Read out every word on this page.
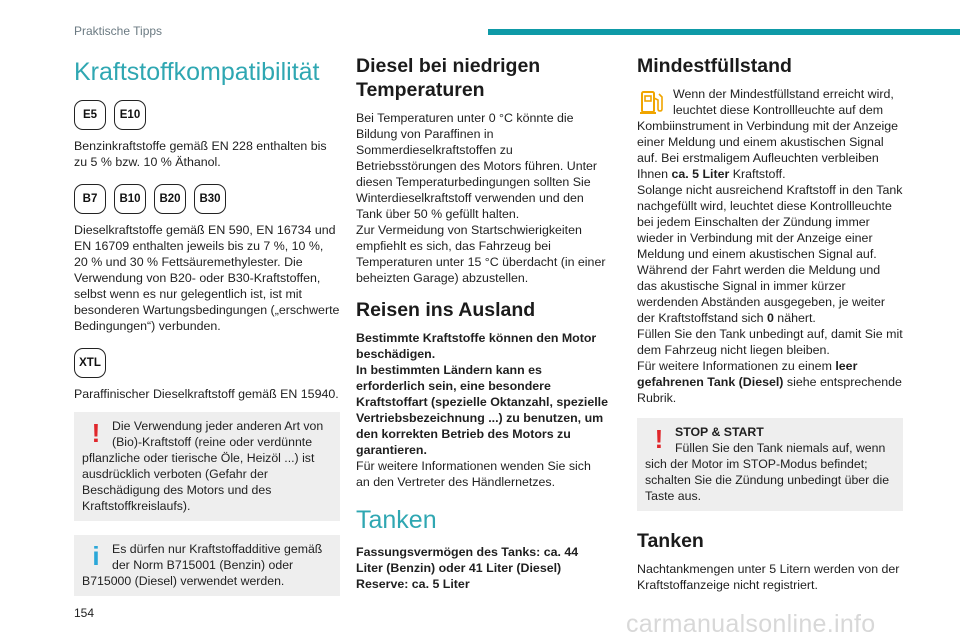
Praktische Tipps
Kraftstoffkompatibilität
E5	E10

Benzinkraftstoffe gemäß EN 228 enthalten bis zu 5 % bzw. 10 % Äthanol.

B7	B10	B20	B30

Dieselkraftstoffe gemäß EN 590, EN 16734 und EN 16709 enthalten jeweils bis zu 7 %, 10 %, 20 % und 30 % Fettsäuremethylester. Die Verwendung von B20- oder B30-Kraftstoffen, selbst wenn es nur gelegentlich ist, ist mit besonderen Wartungsbedingungen („erschwerte Bedingungen“) verbunden.

XTL

Paraffinischer Dieselkraftstoff gemäß EN 15940.

! Die Verwendung jeder anderen Art von (Bio)-Kraftstoff (reine oder verdünnte pflanzliche oder tierische Öle, Heizöl ...) ist ausdrücklich verboten (Gefahr der Beschädigung des Motors und des Kraftstoffkreislaufs).

i	Es dürfen nur Kraftstoffadditive gemäß der Norm B715001 (Benzin) oder B715000 (Diesel) verwendet werden.

Diesel bei niedrigen Temperaturen

Bei Temperaturen unter 0 °C könnte die Bildung von Paraffinen in Sommerdieselkraftstoffen zu Betriebsstörungen des Motors führen. Unter diesen Temperaturbedingungen sollten Sie Winterdieselkraftstoff verwenden und den Tank über 50 % gefüllt halten.

Zur Vermeidung von Startschwierigkeiten empfiehlt es sich, das Fahrzeug bei Temperaturen unter 15 °C überdacht (in einer beheizten Garage) abzustellen.

Reisen ins Ausland

Bestimmte Kraftstoffe können den Motor beschädigen.
In bestimmten Ländern kann es erforderlich sein, eine besondere Kraftstoffart (spezielle Oktanzahl, spezielle Vertriebsbezeichnung ...) zu benutzen, um den korrekten Betrieb des Motors zu garantieren.

Für weitere Informationen wenden Sie sich an den Vertreter des Händlernetzes.

Tanken

Fassungsvermögen des Tanks: ca. 44 Liter (Benzin) oder 41 Liter (Diesel)
Reserve: ca. 5 Liter

Mindestfüllstand

Wenn der Mindestfüllstand erreicht wird, leuchtet diese Kontrollleuchte auf dem Kombiinstrument in Verbindung mit der Anzeige einer Meldung und einem akustischen Signal auf. Bei erstmaligem Aufleuchten verbleiben Ihnen ca. 5 Liter Kraftstoff.

Solange nicht ausreichend Kraftstoff in den Tank nachgefüllt wird, leuchtet diese Kontrollleuchte bei jedem Einschalten der Zündung immer wieder in Verbindung mit der Anzeige einer Meldung und einem akustischen Signal auf. Während der Fahrt werden die Meldung und das akustische Signal in immer kürzer werdenden Abständen ausgegeben, je weiter der Kraftstoffstand sich 0 nähert.

Füllen Sie den Tank unbedingt auf, damit Sie mit dem Fahrzeug nicht liegen bleiben.

Für weitere Informationen zu einem leer gefahrenen Tank (Diesel) siehe entsprechende Rubrik.

! STOP & START

Füllen Sie den Tank niemals auf, wenn sich der Motor im STOP-Modus befindet; schalten Sie die Zündung unbedingt über die Taste aus.

Tanken

Nachtankmengen unter 5 Litern werden von der Kraftstoffanzeige nicht registriert.

154	carmanualsonline.info
